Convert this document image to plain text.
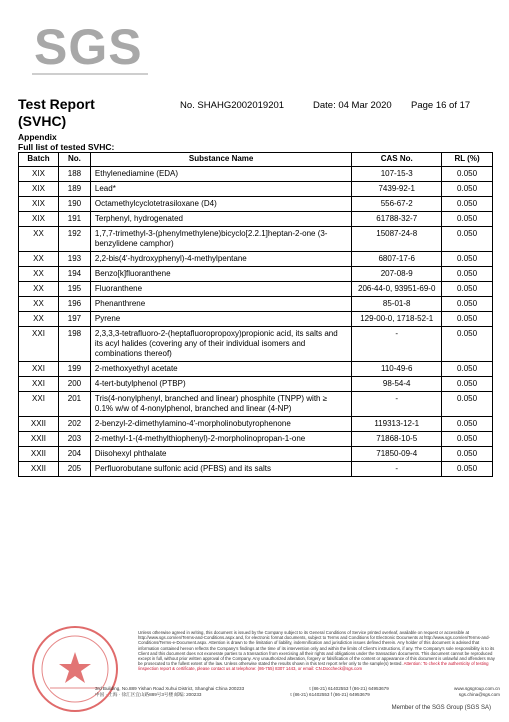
SGS
Test Report
(SVHC)
No. SHAHG2002019201	Date: 04 Mar 2020 Page 16 of 17
Appendix
Full list of tested SVHC:
Batch	No.	Substance Name	CAS No.	RL (%)
XIX	188	Ethylenediamine (EDA)	107-15-3	0.050
XIX	189	Lead*	7439-92-1	0.050
XIX	190	Octamethylcyclotetrasiloxane (D4)	556-67-2	0.050
XIX	191	Terphenyl, hydrogenated	61788-32-7	0.050
XX	192	1,7,7-trimethyl-3-(phenylmethylene)bicyclo[2.2.1]heptan-2-one (3-benzylidene camphor)	15087-24-8	0.050
XX	193	2,2-bis(4'-hydroxyphenyl)-4-methylpentane	6807-17-6	0.050
XX	194	Benzo[k]fluoranthene	207-08-9	0.050
XX	195	Fluoranthene	206-44-0, 93951-69-0	0.050
XX	196	Phenanthrene	85-01-8	0.050
XX	197	Pyrene	129-00-0, 1718-52-1	0.050
XXI	198	2,3,3,3-tetrafluoro-2-(heptafluoropropoxy)propionic acid, its salts and its acyl halides (covering any of their individual isomers and combinations thereof)	-	0.050
XXI	199	2-methoxyethyl acetate	110-49-6	0.050
XXI	200	4-tert-butylphenol (PTBP)	98-54-4	0.050
XXI	201	Tris(4-nonylphenyl, branched and linear) phosphite (TNPP) with ≥ 0.1% w/w of 4-nonylphenol, branched and linear (4-NP)	-	0.050
XXII	202	2-benzyl-2-dimethylamino-4'-morpholinobutyrophenone	119313-12-1	0.050
XXII	203	2-methyl-1-(4-methylthiophenyl)-2-morpholinopropan-1-one	71868-10-5	0.050
XXII	204	Diisohexyl phthalate	71850-09-4	0.050
XXII	205	Perfluorobutane sulfonic acid (PFBS) and its salts	-	0.050
Unless otherwise agreed in writing, this document is issued by the Company subject to its General Conditions of Service printed overleaf, available on request or accessible at http://www.sgs.com/en/Terms-and-Conditions.aspx and, for electronic format documents, subject to Terms and Conditions for Electronic Documents at http://www.sgs.com/en/Terms-and-Conditions/Terms-e-Document.aspx. Attention is drawn to the limitation of liability, indemnification and jurisdiction issues defined therein. Any holder of this document is advised that information contained hereon reflects the Company's findings at the time of its intervention only and within the limits of Client's instructions, if any. The Company's sole responsibility is to its Client and this document does not exonerate parties to a transaction from exercising all their rights and obligations under the transaction documents. This document cannot be reproduced except in full, without prior written approval of the Company. Any unauthorized alteration, forgery or falsification of the content or appearance of this document is unlawful and offenders may be prosecuted to the fullest extent of the law. Unless otherwise stated the results shown in this test report refer only to the sample(s) tested. Attention: To check the authenticity of testing /inspection report & certificate, please contact us at telephone: (86-755) 8307 1443, or email: CN.Doccheck@sgs.com
3rd Building, No.889 Yishan Road Xuhui District, Shanghai China 200233	t (86-21) 61402553 f (86-21) 64953679	www.sgsgroup.com.cn
中国 · 上海 · 徐汇区宜山路889号3号楼 邮编: 200233	t (86-21) 61402553 f (86-21) 64953679	sgs.china@sgs.com
Member of the SGS Group (SGS SA)
